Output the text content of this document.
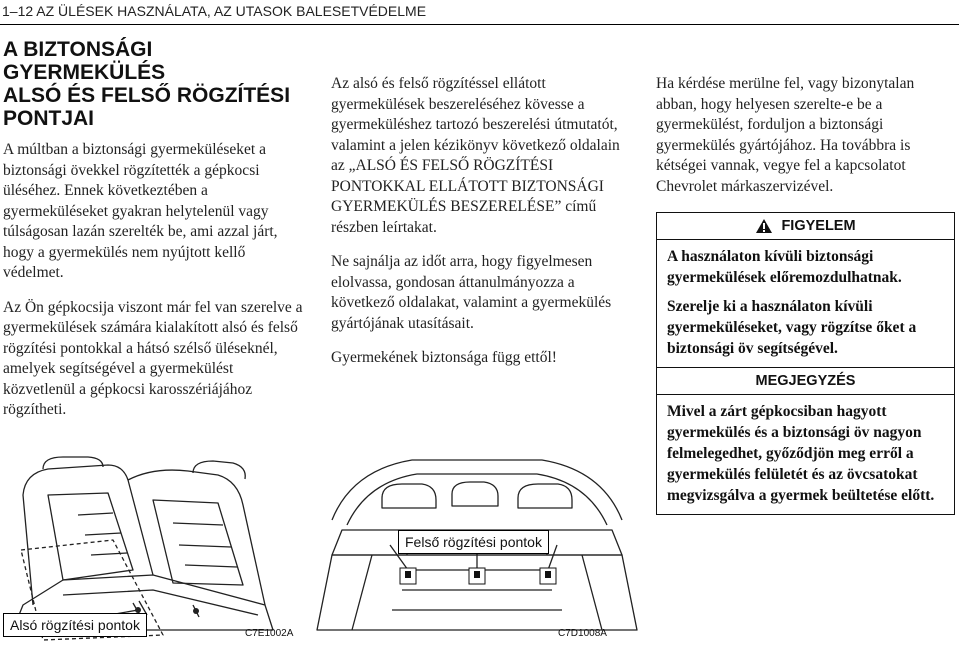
1–12 AZ ÜLÉSEK HASZNÁLATA, AZ UTASOK BALESETVÉDELME
A BIZTONSÁGI GYERMEKÜLÉS
ALSÓ ÉS FELSŐ RÖGZÍTÉSI
PONTJAI

A múltban a biztonsági gyermeküléseket a biztonsági övekkel rögzítették a gépkocsi üléséhez. Ennek következtében a gyermeküléseket gyakran helytelenül vagy túlságosan lazán szerelték be, ami azzal járt, hogy a gyermekülés nem nyújtott kellő védelmet.

Az Ön gépkocsija viszont már fel van szerelve a gyermekülések számára kialakított alsó és felső rögzítési pontokkal a hátsó szélső üléseknél, amelyek segítségével a gyermekülést közvetlenül a gépkocsi karosszériájához rögzítheti.

Az alsó és felső rögzítéssel ellátott gyermekülések beszereléséhez kövesse a gyermeküléshez tartozó beszerelési útmutatót, valamint a jelen kézikönyv következő oldalain az „ALSÓ ÉS FELSŐ RÖGZÍTÉSI PONTOKKAL ELLÁTOTT BIZTONSÁGI GYERMEKÜLÉS BESZERELÉSE” című részben leírtakat.

Ne sajnálja az időt arra, hogy figyelmesen elolvassa, gondosan áttanulmányozza a következő oldalakat, valamint a gyermekülés gyártójának utasításait.

Gyermekének biztonsága függ ettől!

Ha kérdése merülne fel, vagy bizonytalan abban, hogy helyesen szerelte-e be a gyermekülést, forduljon a biztonsági gyermekülés gyártójához. Ha továbbra is kétségei vannak, vegye fel a kapcsolatot Chevrolet márkaszervizével.

FIGYELEM

A használaton kívüli biztonsági gyermekülések előremozdulhatnak.

Szerelje ki a használaton kívüli gyermeküléseket, vagy rögzítse őket a biztonsági öv segítségével.

MEGJEGYZÉS

Mivel a zárt gépkocsiban hagyott gyermekülés és a biztonsági öv nagyon felmelegedhet, győződjön meg erről a gyermekülés felületét és az övcsatokat megvizsgálva a gyermek beültetése előtt.

Alsó rögzítési pontok
C7E1002A
Felső rögzítési pontok
C7D1008A
